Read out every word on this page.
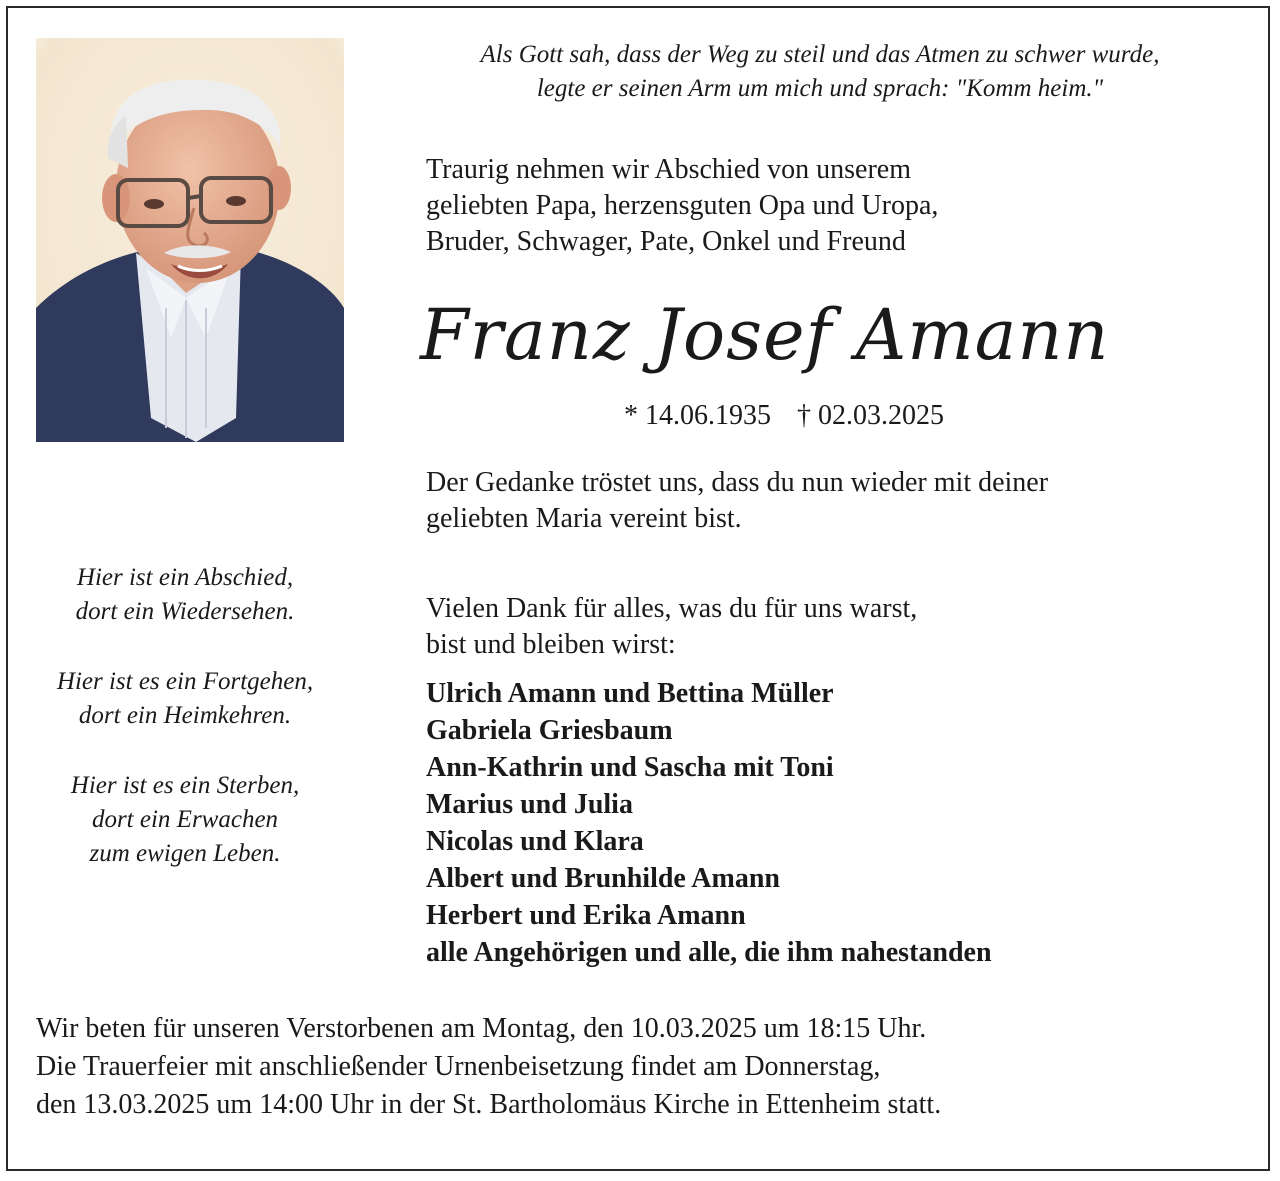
Als Gott sah, dass der Weg zu steil und das Atmen zu schwer wurde,
legte er seinen Arm um mich und sprach: "Komm heim."
Traurig nehmen wir Abschied von unserem
geliebten Papa, herzensguten Opa und Uropa,
Bruder, Schwager, Pate, Onkel und Freund
Franz Josef Amann
* 14.06.1935 † 02.03.2025
Der Gedanke tröstet uns, dass du nun wieder mit deiner
geliebten Maria vereint bist.
Vielen Dank für alles, was du für uns warst,
bist und bleiben wirst:
Ulrich Amann und Bettina Müller
Gabriela Griesbaum
Ann-Kathrin und Sascha mit Toni
Marius und Julia
Nicolas und Klara
Albert und Brunhilde Amann
Herbert und Erika Amann
alle Angehörigen und alle, die ihm nahestanden
Hier ist ein Abschied,
dort ein Wiedersehen.
Hier ist es ein Fortgehen,
dort ein Heimkehren.
Hier ist es ein Sterben,
dort ein Erwachen
zum ewigen Leben.
Wir beten für unseren Verstorbenen am Montag, den 10.03.2025 um 18:15 Uhr.
Die Trauerfeier mit anschließender Urnenbeisetzung findet am Donnerstag,
den 13.03.2025 um 14:00 Uhr in der St. Bartholomäus Kirche in Ettenheim statt.
